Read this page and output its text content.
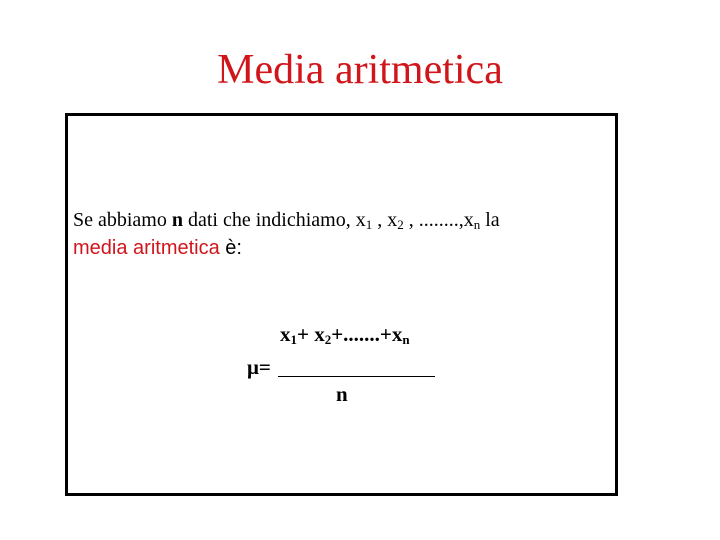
Media aritmetica
Se abbiamo n dati che indichiamo, $x_1$ , $x_2$ , $........,x_n$ la
media aritmetica è:
$x_1+ x_2+.......+x_n$
μ=
n
